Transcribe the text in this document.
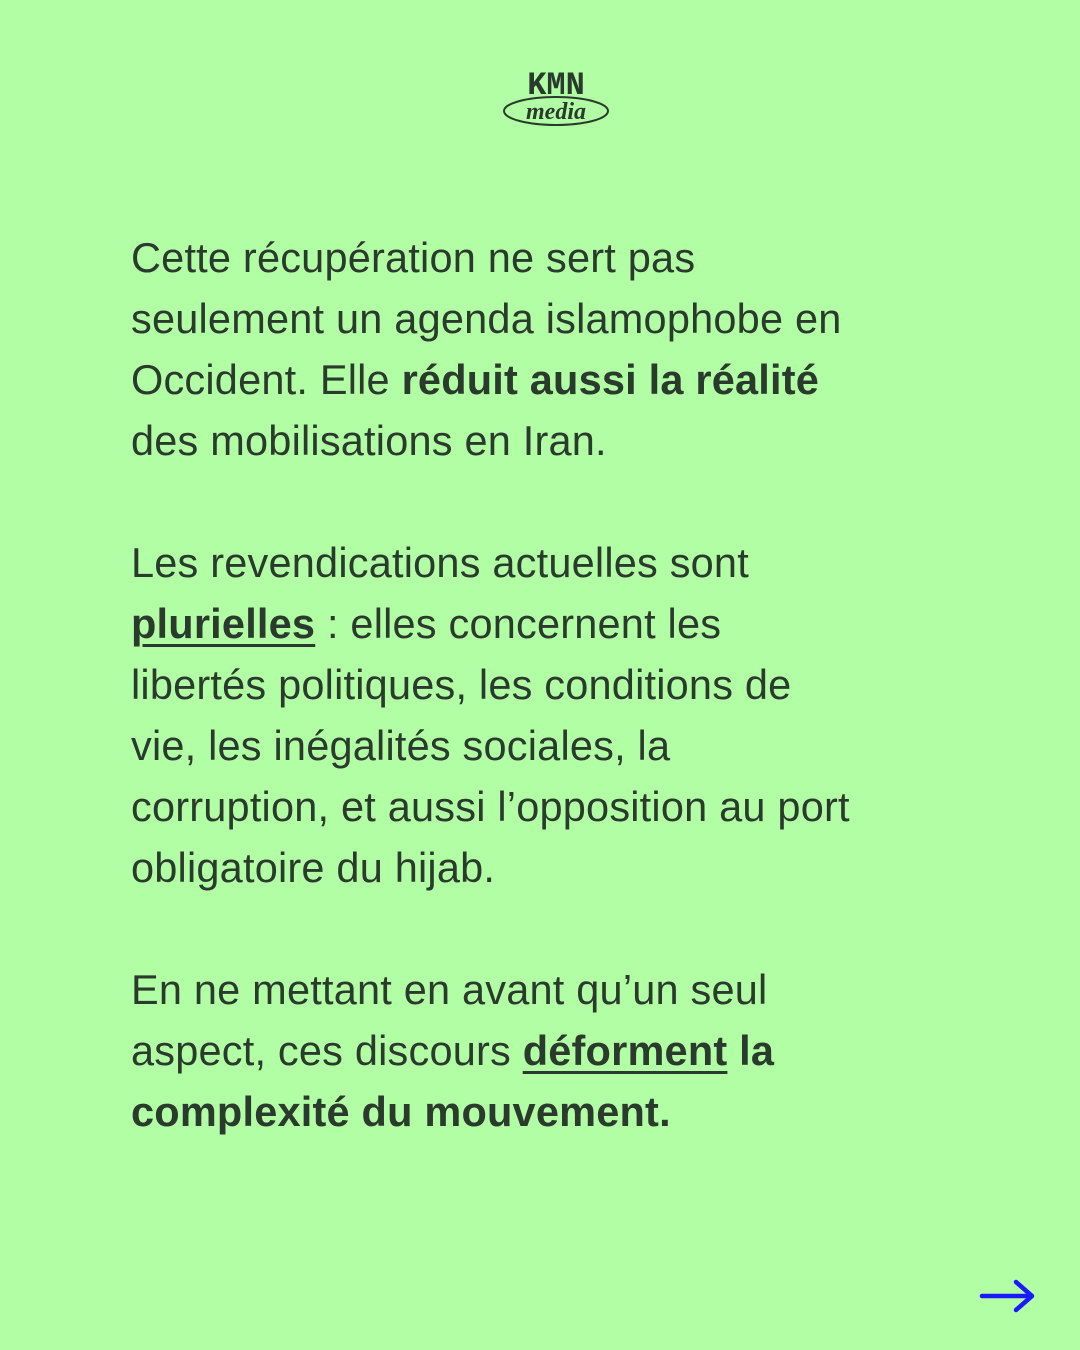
KMN
media

Cette récupération ne sert pas
seulement un agenda islamophobe en
Occident. Elle réduit aussi la réalité
des mobilisations en Iran.

Les revendications actuelles sont
plurielles : elles concernent les
libertés politiques, les conditions de
vie, les inégalités sociales, la
corruption, et aussi l’opposition au port
obligatoire du hijab.

En ne mettant en avant qu’un seul
aspect, ces discours déforment la
complexité du mouvement.
